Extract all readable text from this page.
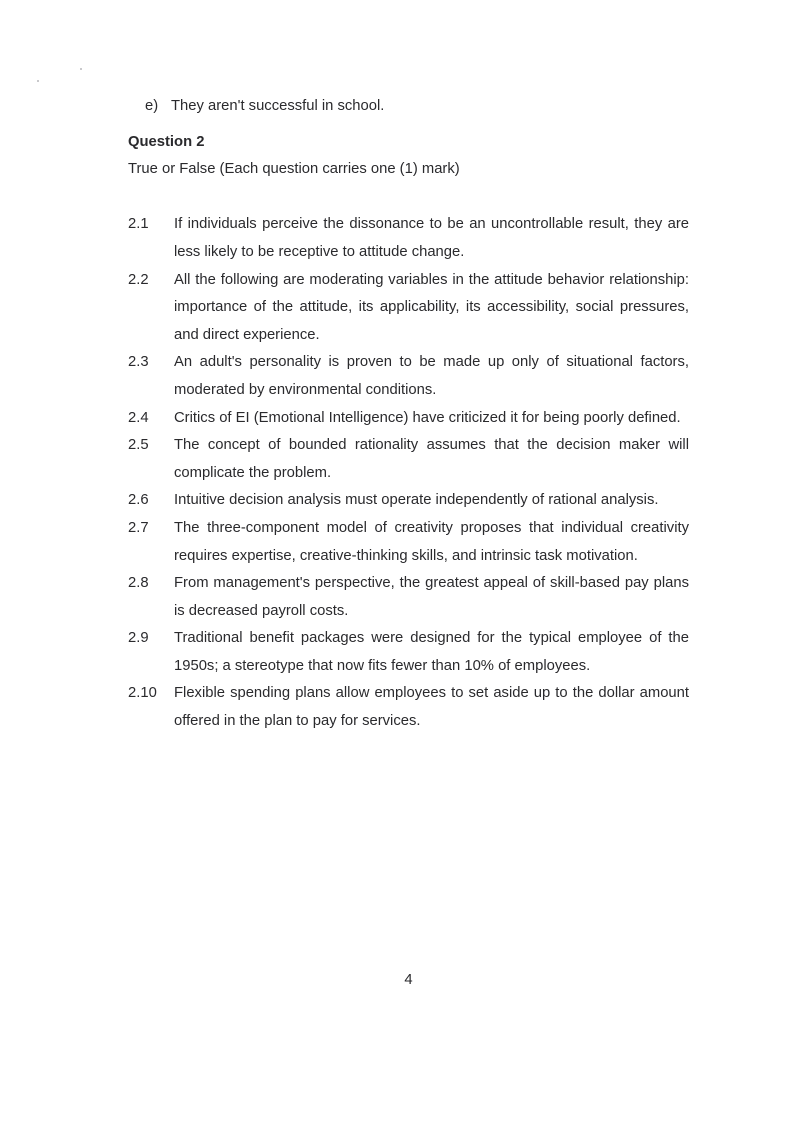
e) They aren't successful in school.
Question 2

True or False (Each question carries one (1) mark)

2.1	If individuals perceive the dissonance to be an uncontrollable result, they are less likely to be receptive to attitude change.

2.2	All the following are moderating variables in the attitude behavior relationship: importance of the attitude, its applicability, its accessibility, social pressures, and direct experience.

2.3	An adult's personality is proven to be made up only of situational factors, moderated by environmental conditions.

2.4	Critics of EI (Emotional Intelligence) have criticized it for being poorly defined.

2.5	The concept of bounded rationality assumes that the decision maker will complicate the problem.

2.6	Intuitive decision analysis must operate independently of rational analysis.

2.7	The three-component model of creativity proposes that individual creativity requires expertise, creative-thinking skills, and intrinsic task motivation.

2.8	From management's perspective, the greatest appeal of skill-based pay plans is decreased payroll costs.

2.9	Traditional benefit packages were designed for the typical employee of the 1950s; a stereotype that now fits fewer than 10% of employees.

2.10	Flexible spending plans allow employees to set aside up to the dollar amount offered in the plan to pay for services.

4
